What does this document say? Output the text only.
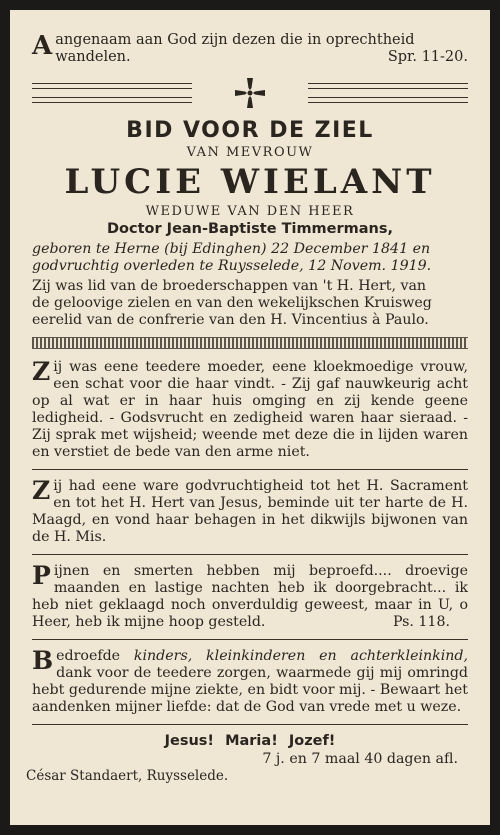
A angenaam aan God zijn dezen die in oprechtheid
wandelen.	Spr. 11-20.
BID VOOR DE ZIEL
VAN MEVROUW
LUCIE WIELANT
WEDUWE VAN DEN HEER
Doctor Jean-Baptiste Timmermans,
geboren te Herne (bij Edinghen) 22 December 1841 en
godvruchtig overleden te Ruysselede, 12 Novem. 1919.
Zij was lid van de broederschappen van 't H. Hert, van
de geloovige zielen en van den wekelijkschen Kruisweg
eerelid van de confrerie van den H. Vincentius à Paulo.
Z ij was eene teedere moeder, eene kloekmoedige vrouw, een schat voor die haar vindt. - Zij gaf nauwkeurig acht op al wat er in haar huis omging en zij kende geene ledigheid. - Godsvrucht en zedigheid waren haar sieraad. - Zij sprak met wijsheid; weende met deze die in lijden waren en verstiet de bede van den arme niet.
Z ij had eene ware godvruchtigheid tot het H. Sacrament en tot het H. Hert van Jesus, beminde uit ter harte de H. Maagd, en vond haar behagen in het dikwijls bijwonen van de H. Mis.
P ijnen en smerten hebben mij beproefd.... droevige maanden en lastige nachten heb ik doorgebracht... ik heb niet geklaagd noch onverduldig geweest, maar in U, o Heer, heb ik mijne hoop gesteld.	Ps. 118.
B edroefde kinders, kleinkinderen en achterkleinkind, dank voor de teedere zorgen, waarmede gij mij omringd hebt gedurende mijne ziekte, en bidt voor mij. - Bewaart het aandenken mijner liefde: dat de God van vrede met u weze.
Jesus! Maria! Jozef!
7 j. en 7 maal 40 dagen afl.
César Standaert, Ruysselede.
